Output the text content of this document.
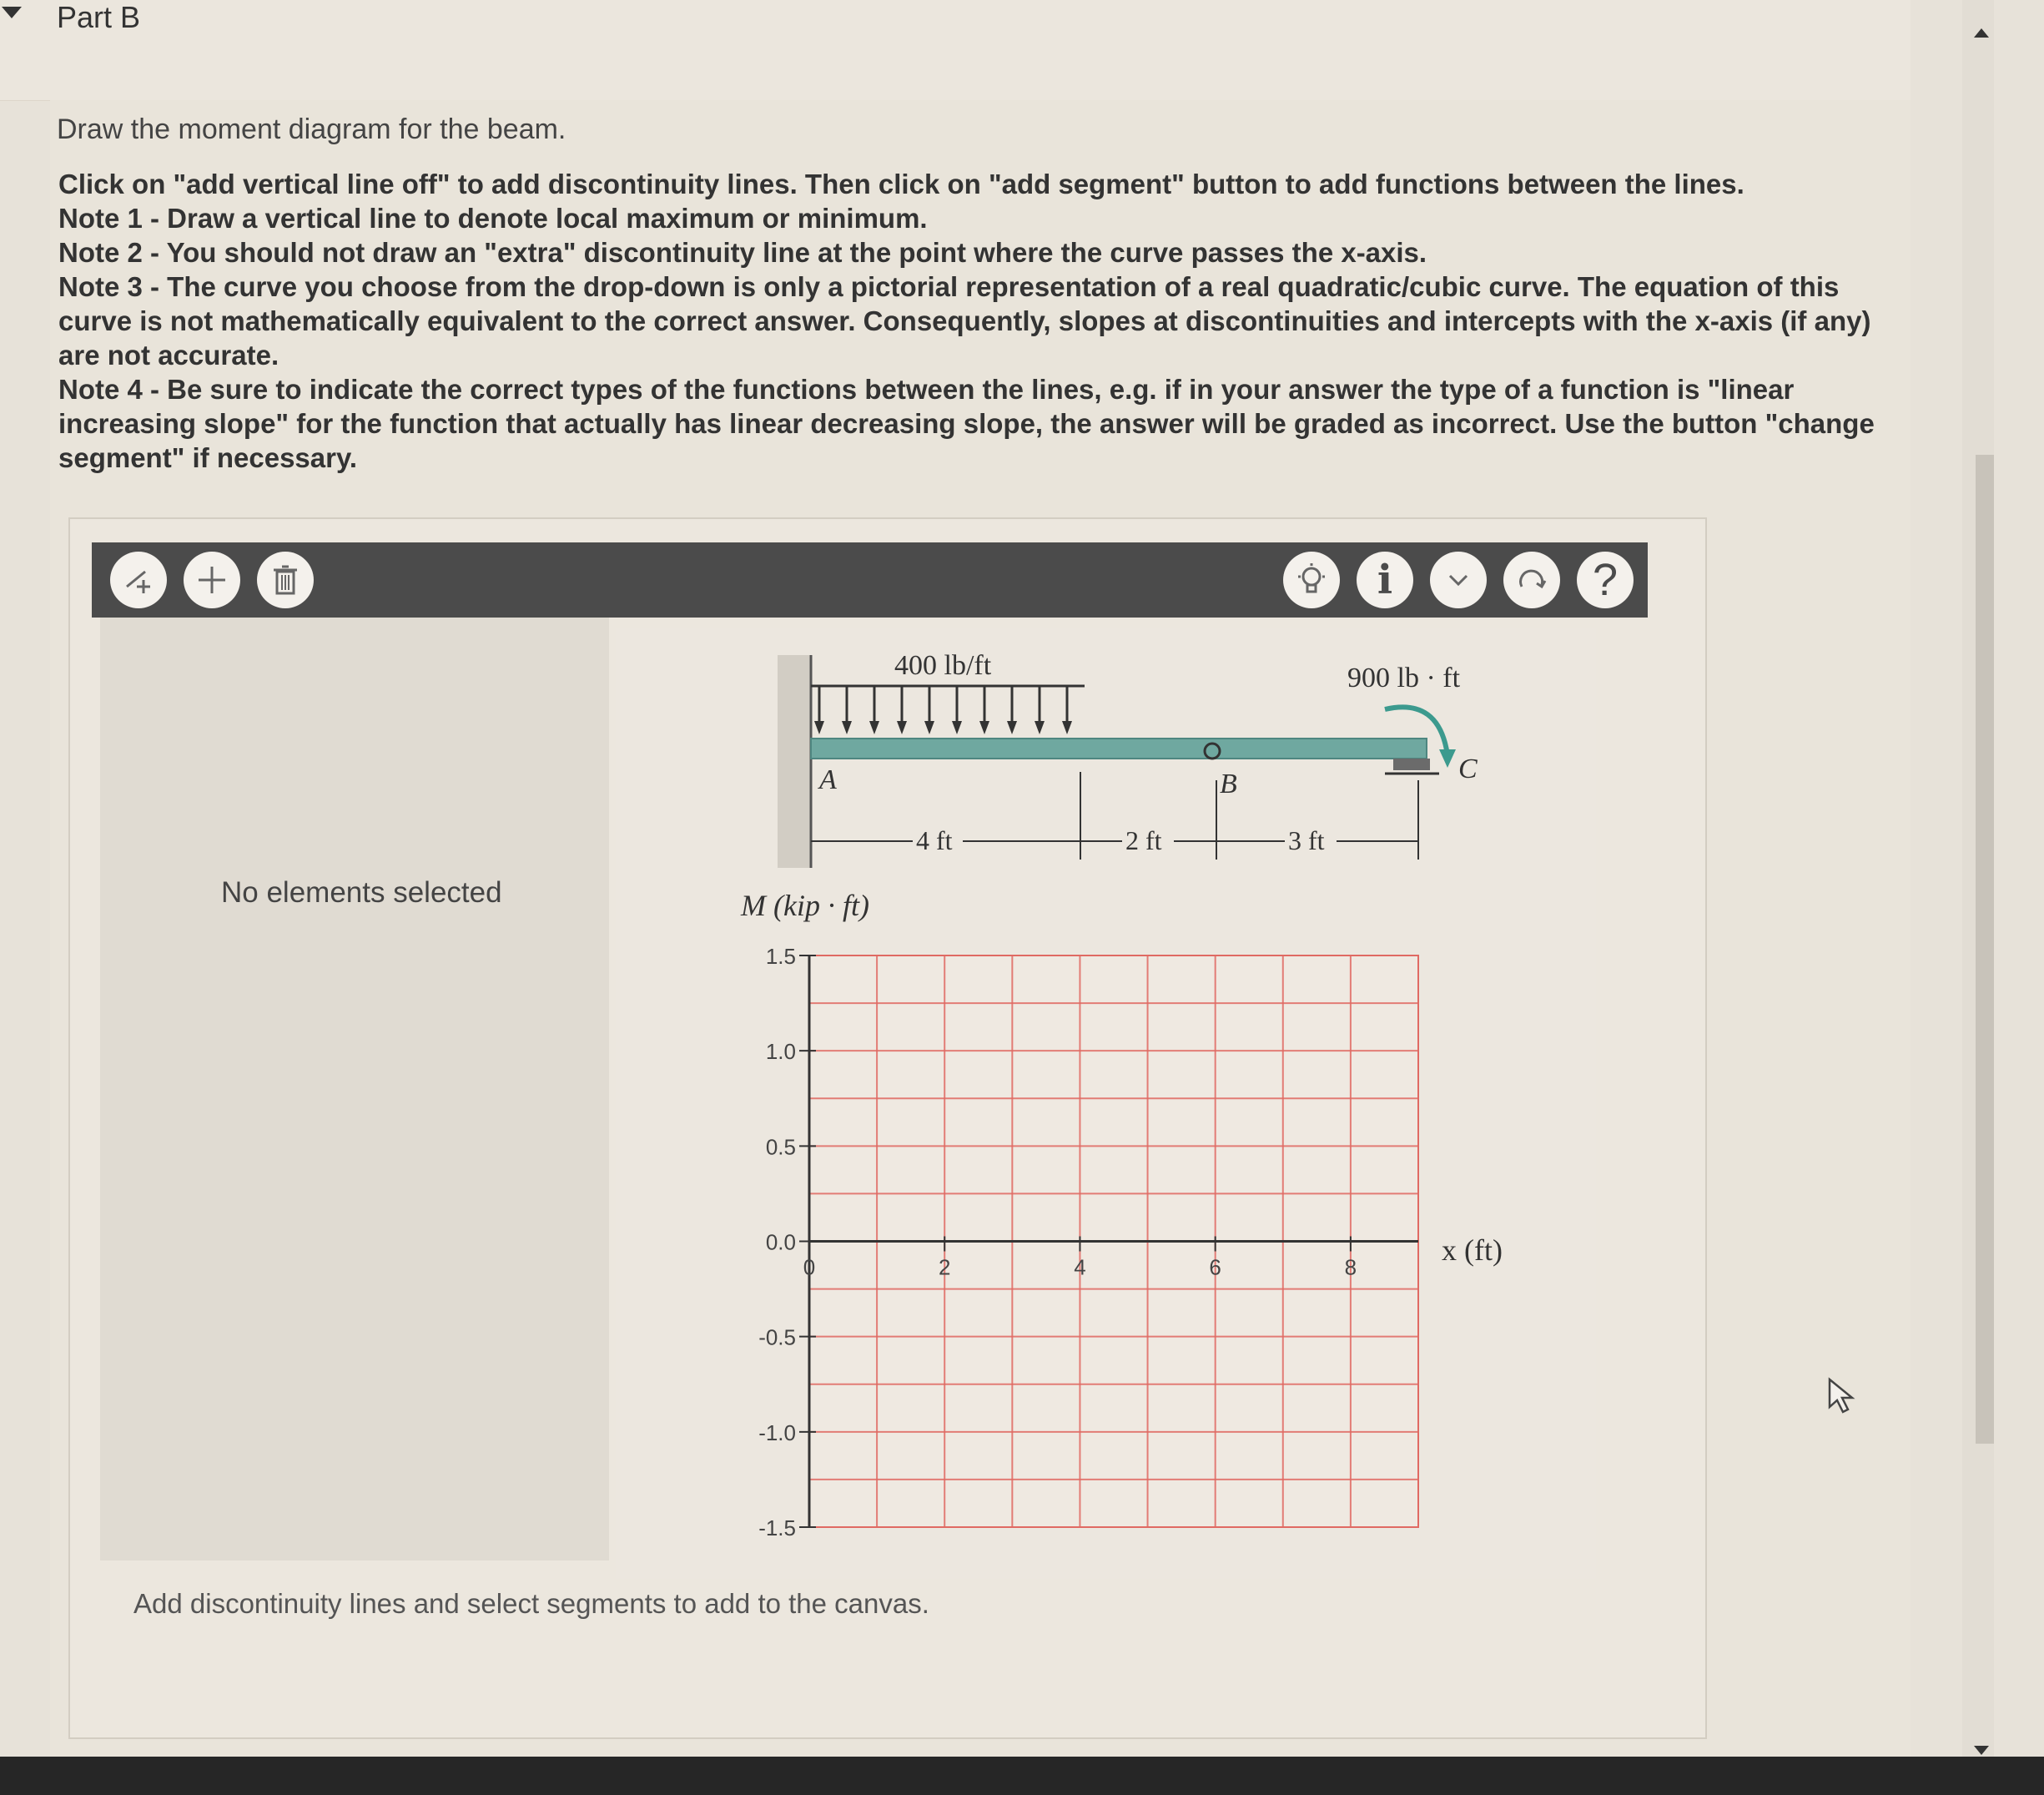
Part B
Draw the moment diagram for the beam.
Click on "add vertical line off" to add discontinuity lines. Then click on "add segment" button to add functions between the lines.
Note 1 - Draw a vertical line to denote local maximum or minimum.
Note 2 - You should not draw an "extra" discontinuity line at the point where the curve passes the x-axis.
Note 3 - The curve you choose from the drop-down is only a pictorial representation of a real quadratic/cubic curve. The equation of this
curve is not mathematically equivalent to the correct answer. Consequently, slopes at discontinuities and intercepts with the x-axis (if any)
are not accurate.
Note 4 - Be sure to indicate the correct types of the functions between the lines, e.g. if in your answer the type of a function is "linear
increasing slope" for the function that actually has linear decreasing slope, the answer will be graded as incorrect. Use the button "change
segment" if necessary.
i	?
No elements selected
400 lb/ft	900 lb · ft
A	B	C
4 ft	2 ft	3 ft
M (kip · ft)
x (ft)
1.5
1.0
0.5
0.0
-0.5
-1.0
-1.5
0	2	4	6	8
Add discontinuity lines and select segments to add to the canvas.
